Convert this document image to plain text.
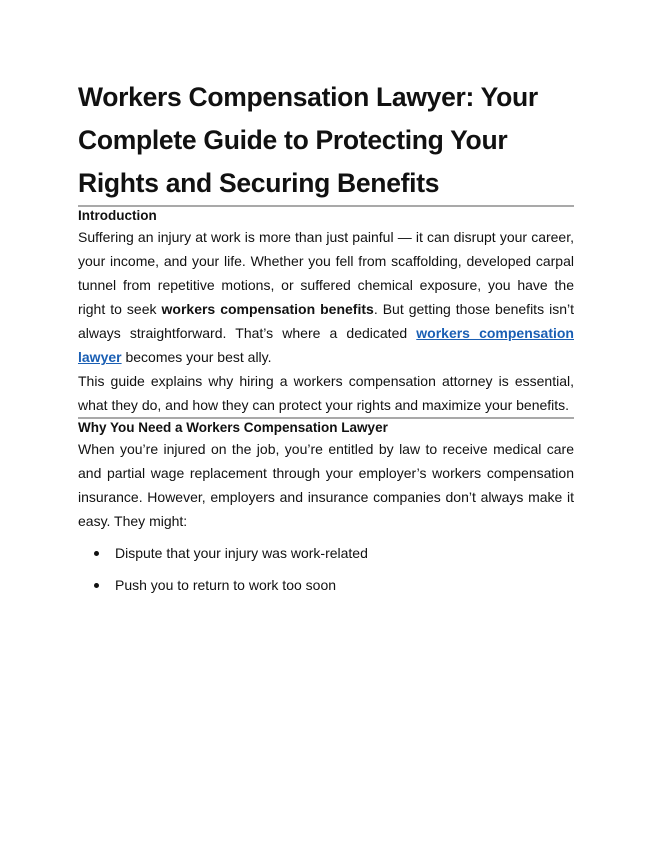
Workers Compensation Lawyer: Your Complete Guide to Protecting Your Rights and Securing Benefits
Introduction

Suffering an injury at work is more than just painful — it can disrupt your career, your income, and your life. Whether you fell from scaffolding, developed carpal tunnel from repetitive motions, or suffered chemical exposure, you have the right to seek workers compensation benefits. But getting those benefits isn’t always straightforward. That’s where a dedicated workers compensation lawyer becomes your best ally.

This guide explains why hiring a workers compensation attorney is essential, what they do, and how they can protect your rights and maximize your benefits.

Why You Need a Workers Compensation Lawyer

When you’re injured on the job, you’re entitled by law to receive medical care and partial wage replacement through your employer’s workers compensation insurance. However, employers and insurance companies don’t always make it easy. They might:

Dispute that your injury was work-related
Push you to return to work too soon
